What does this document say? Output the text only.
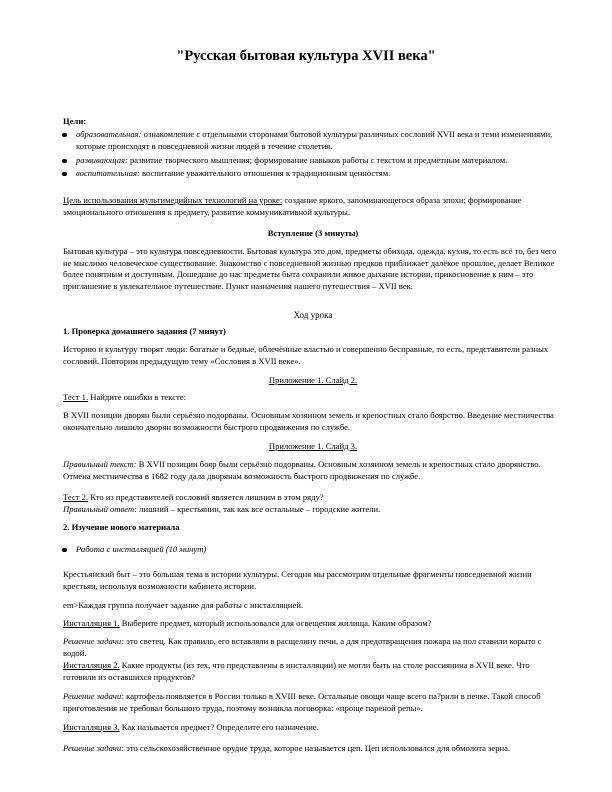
"Русская бытовая культура XVII века"

Цели:

образовательная: ознакомление с отдельными сторонами бытовой культуры различных сословий XVII века и теми изменениями, которые происходят в повседневной жизни людей в течение столетия.

развивающая: развитие творческого мышления; формирование навыков работы с текстом и предметным материалом.

воспитательная: воспитание уважительного отношения к традиционным ценностям.

Цель использования мультимедийных технологий на уроке: создание яркого, запоминающегося образа эпохи; формирование эмоционального отношения к предмету, развитие коммуникативной культуры.

Вступление (3 минуты)

Бытовая культура – это культура повседневности. Бытовая культура это дом, предметы обихода, одежда, кухня, то есть всё то, без чего не мыслимо человеческое существование. Знакомство с повседневной жизнью предков приближает далёкое прошлое, делает Великое более понятным и доступным. Дошедшие до нас предметы быта сохранили живое дыхание истории, прикосновение к ним – это приглашение в увлекательное путешествие. Пункт назначения нашего путешествия – XVII век.

Ход урока

1. Проверка домашнего задания (7 минут)

Историю и культуру творят люди: богатые и бедные, облечённые властью и совершенно бесправные, то есть, представители разных сословий. Повторим предыдущую тему «Сословия в XVII веке».

Приложение 1. Слайд 2.

Тест 1. Найдите ошибки в тексте:

В XVII позиции дворян были серьёзно подорваны. Основным хозяином земель и крепостных стало боярство. Введение местничества окончательно лишило дворян возможности быстрого продвижения по службе.

Приложение 1. Слайд 3.

Правильный текст: В XVII позиции бояр были серьёзно подорваны. Основным хозяином земель и крепостных стало дворянство. Отмена местничества в 1682 году дала дворянам возможность быстрого продвижения по службе.

Тест 2. Кто из представителей сословий является лишним в этом ряду?

Правильный ответ: лишний – крестьянин, так как все остальные – городские жители.

2. Изучение нового материала

Работа с инсталляцией (10 минут)

Крестьянский быт – это большая тема в истории культуры. Сегодня мы рассмотрим отдельные фрагменты повседневной жизни крестьян, используя возможности кабинета истории.

em>Каждая группа получает задание для работы с инсталляцией.

Инсталляция 1. Выберите предмет, который использовался для освещения жилища. Каким образом?

Решение задачи: это светец. Как правило, его вставляли в расщелину печи, а для предотвращения пожара на пол ставили корыто с водой.

Инсталляция 2. Какие продукты (из тех, что представлены в инсталляции) не могли быть на столе россиянина в XVII веке. Что готовили из оставшихся продуктов?

Решение задачи: картофель появляется в России только в XVIII веке. Остальные овощи чаще всего па?рили в печке. Такой способ приготовления не требовал большого труда, поэтому возникла поговорка: «проще пареной репы».

Инсталляция 3. Как называется предмет? Определите его назначение.

Решение задачи: это сельскохозяйственное орудие труда, которое называется цеп. Цеп использовался для обмолота зерна.
